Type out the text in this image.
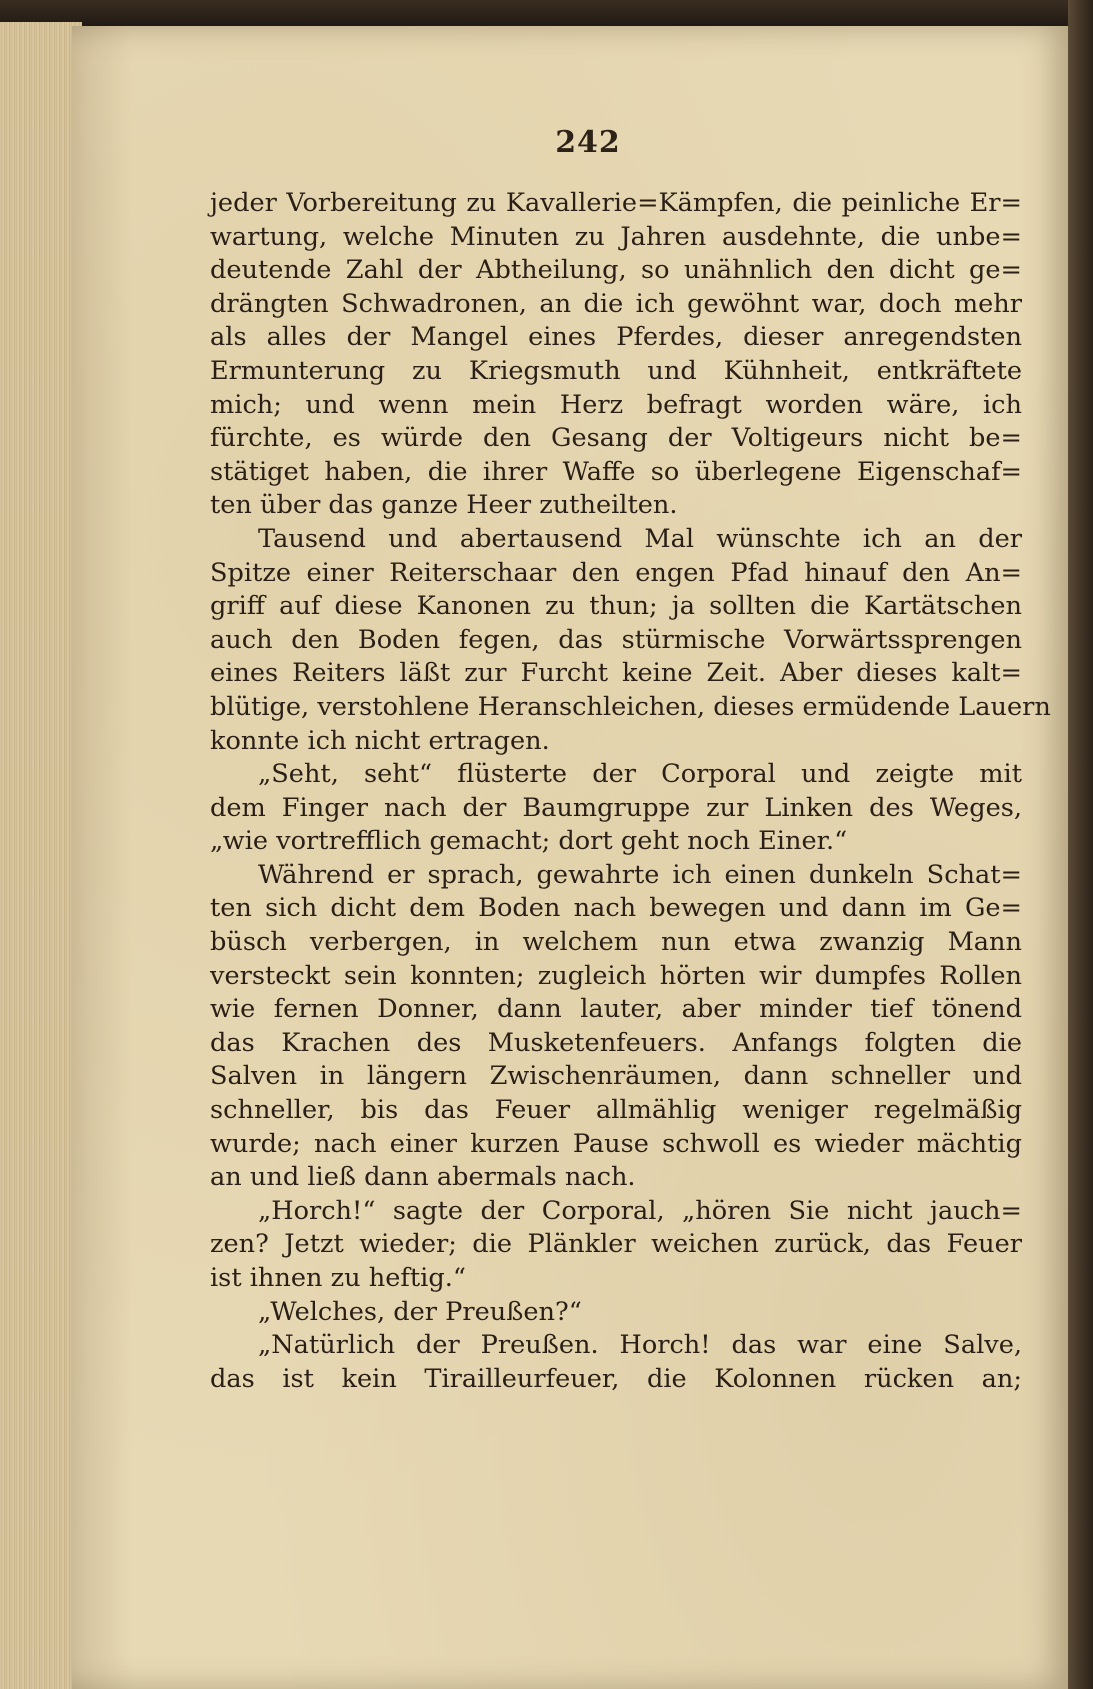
242
jeder Vorbereitung zu Kavallerie=Kämpfen, die peinliche Er=
wartung, welche Minuten zu Jahren ausdehnte, die unbe=
deutende Zahl der Abtheilung, so unähnlich den dicht ge=
drängten Schwadronen, an die ich gewöhnt war, doch mehr
als alles der Mangel eines Pferdes, dieser anregendsten
Ermunterung zu Kriegsmuth und Kühnheit, entkräftete
mich; und wenn mein Herz befragt worden wäre, ich
fürchte, es würde den Gesang der Voltigeurs nicht be=
stätiget haben, die ihrer Waffe so überlegene Eigenschaf=
ten über das ganze Heer zutheilten.
Tausend und abertausend Mal wünschte ich an der
Spitze einer Reiterschaar den engen Pfad hinauf den An=
griff auf diese Kanonen zu thun; ja sollten die Kartätschen
auch den Boden fegen, das stürmische Vorwärtssprengen
eines Reiters läßt zur Furcht keine Zeit. Aber dieses kalt=
blütige, verstohlene Heranschleichen, dieses ermüdende Lauern
konnte ich nicht ertragen.
„Seht, seht“ flüsterte der Corporal und zeigte mit
dem Finger nach der Baumgruppe zur Linken des Weges,
„wie vortrefflich gemacht; dort geht noch Einer.“
Während er sprach, gewahrte ich einen dunkeln Schat=
ten sich dicht dem Boden nach bewegen und dann im Ge=
büsch verbergen, in welchem nun etwa zwanzig Mann
versteckt sein konnten; zugleich hörten wir dumpfes Rollen
wie fernen Donner, dann lauter, aber minder tief tönend
das Krachen des Musketenfeuers. Anfangs folgten die
Salven in längern Zwischenräumen, dann schneller und
schneller, bis das Feuer allmählig weniger regelmäßig
wurde; nach einer kurzen Pause schwoll es wieder mächtig
an und ließ dann abermals nach.
„Horch!“ sagte der Corporal, „hören Sie nicht jauch=
zen? Jetzt wieder; die Plänkler weichen zurück, das Feuer
ist ihnen zu heftig.“
„Welches, der Preußen?“
„Natürlich der Preußen. Horch! das war eine Salve,
das ist kein Tirailleurfeuer, die Kolonnen rücken an;
